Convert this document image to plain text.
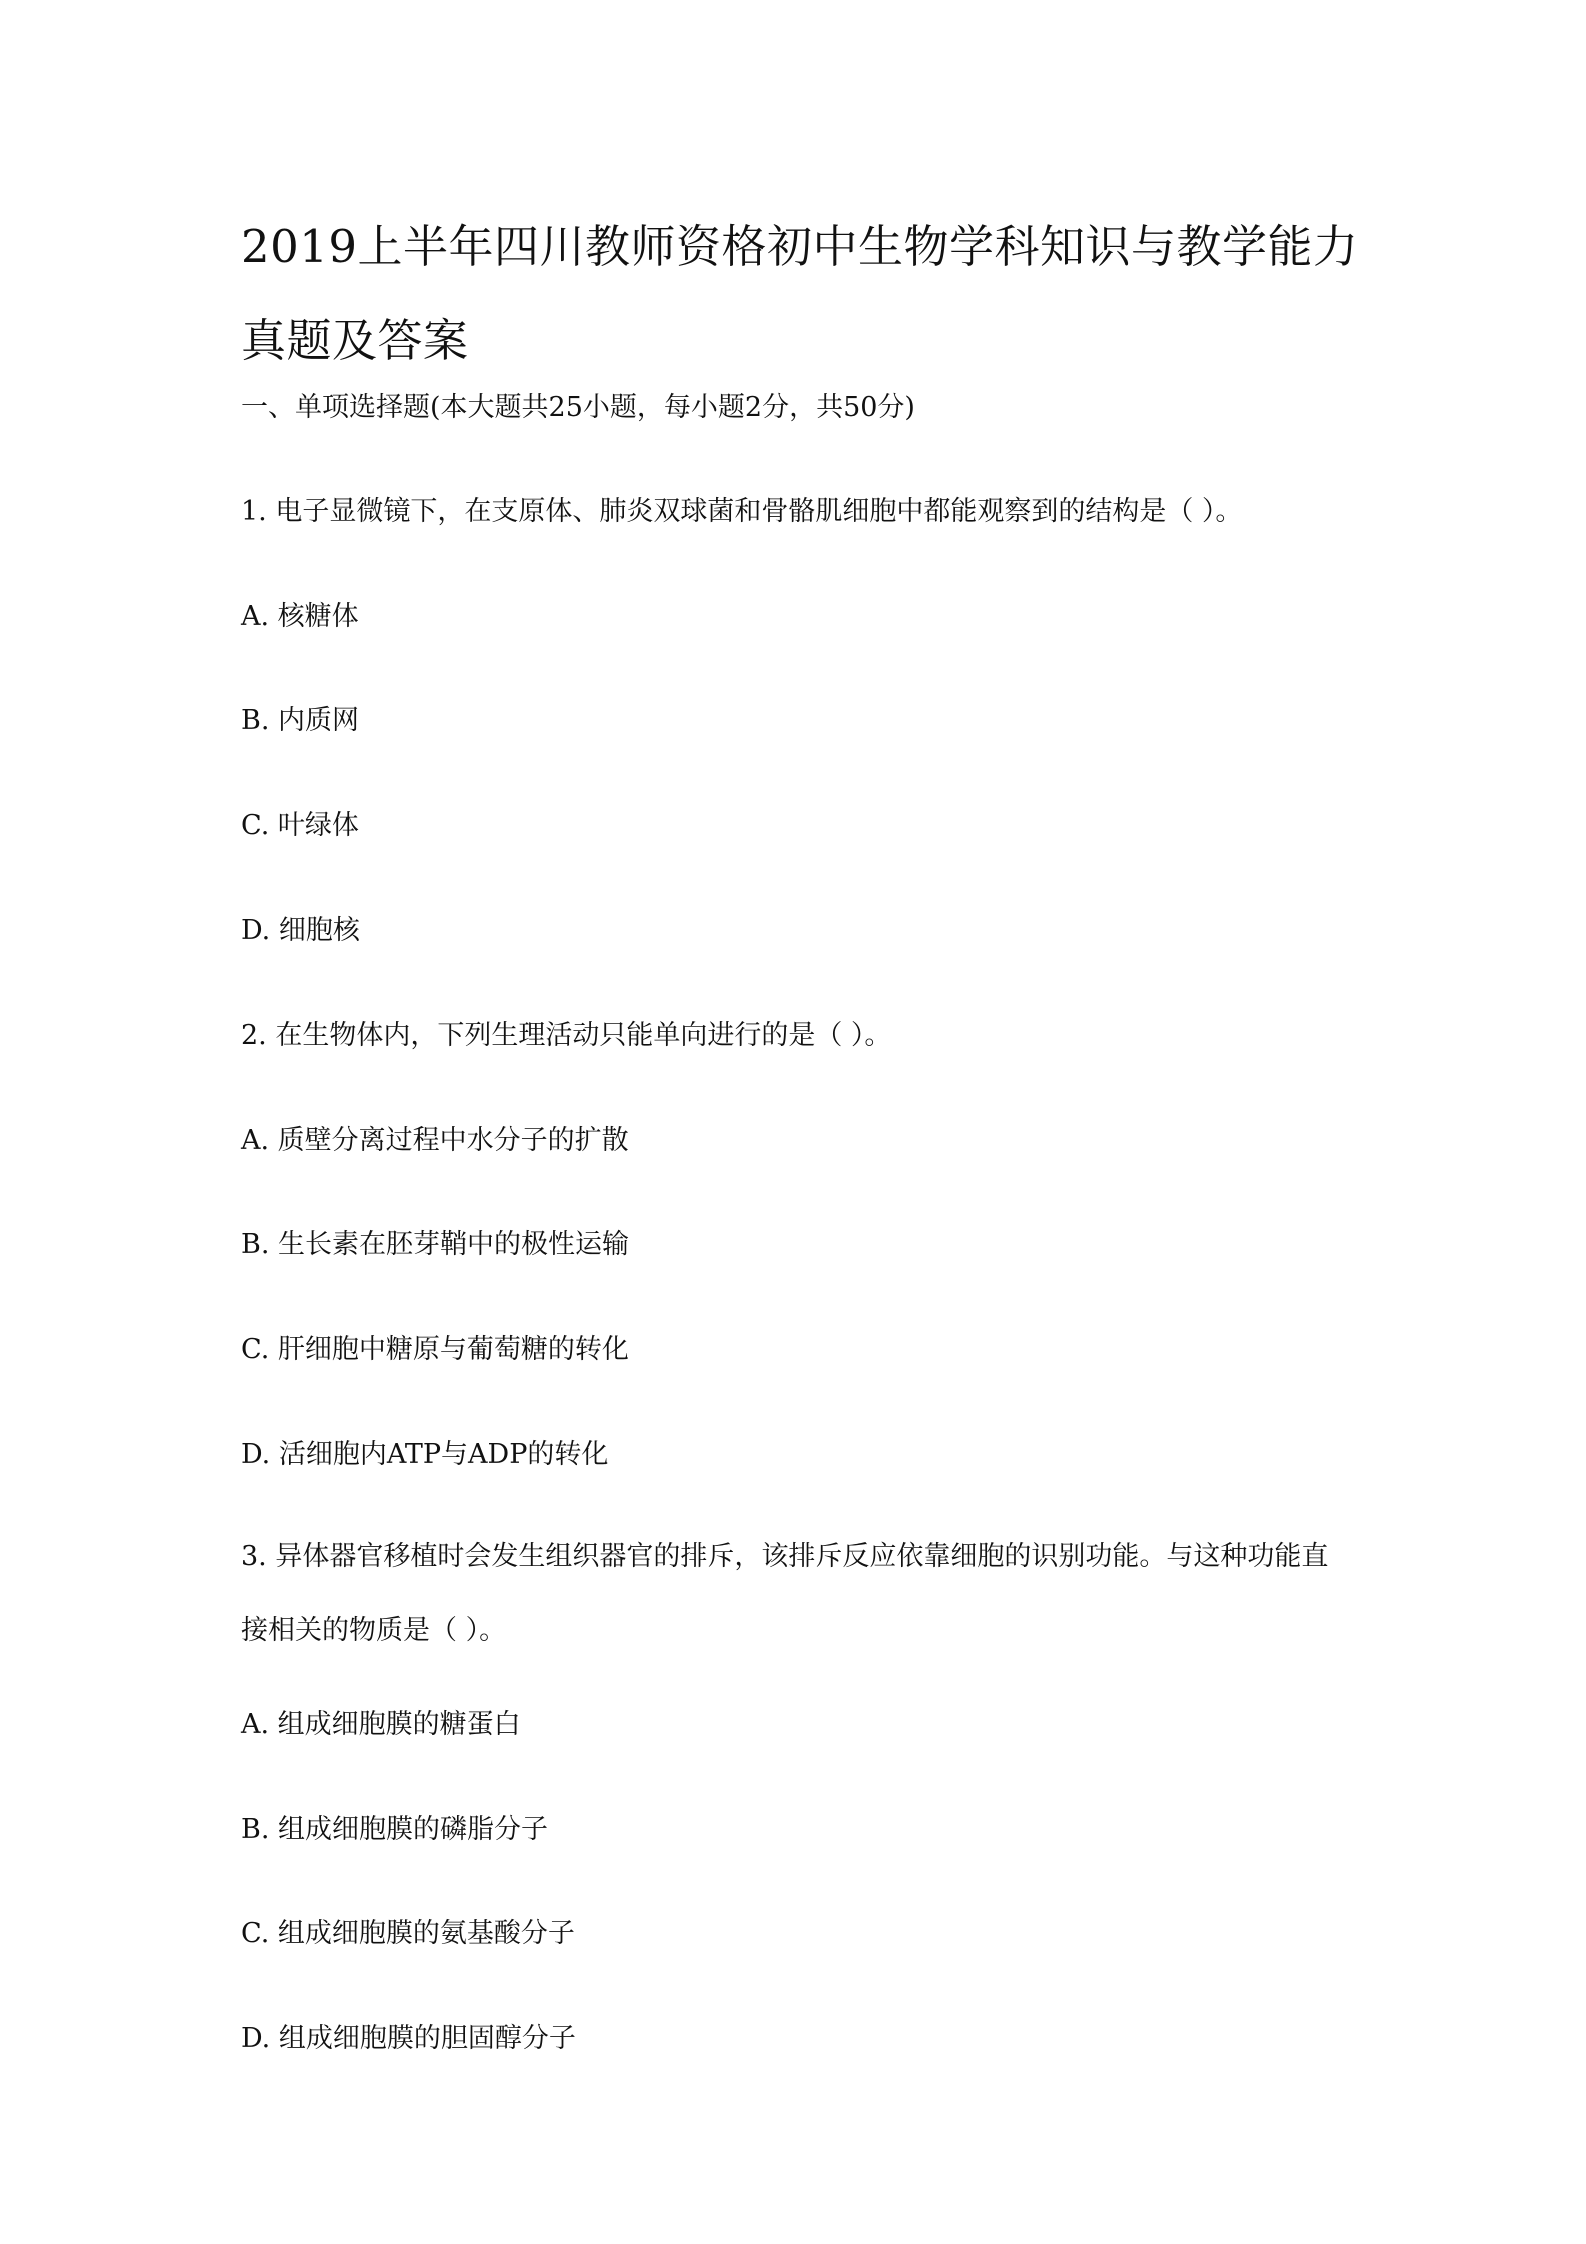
2019上半年四川教师资格初中生物学科知识与教学能力真题及答案

一、单项选择题(本大题共25小题，每小题2分，共50分)

1. 电子显微镜下，在支原体、肺炎双球菌和骨骼肌细胞中都能观察到的结构是（ ）。

A. 核糖体

B. 内质网

C. 叶绿体

D. 细胞核

2. 在生物体内，下列生理活动只能单向进行的是（ ）。

A. 质壁分离过程中水分子的扩散

B. 生长素在胚芽鞘中的极性运输

C. 肝细胞中糖原与葡萄糖的转化

D. 活细胞内ATP与ADP的转化

3. 异体器官移植时会发生组织器官的排斥，该排斥反应依靠细胞的识别功能。与这种功能直接相关的物质是（ ）。

A. 组成细胞膜的糖蛋白

B. 组成细胞膜的磷脂分子

C. 组成细胞膜的氨基酸分子

D. 组成细胞膜的胆固醇分子
